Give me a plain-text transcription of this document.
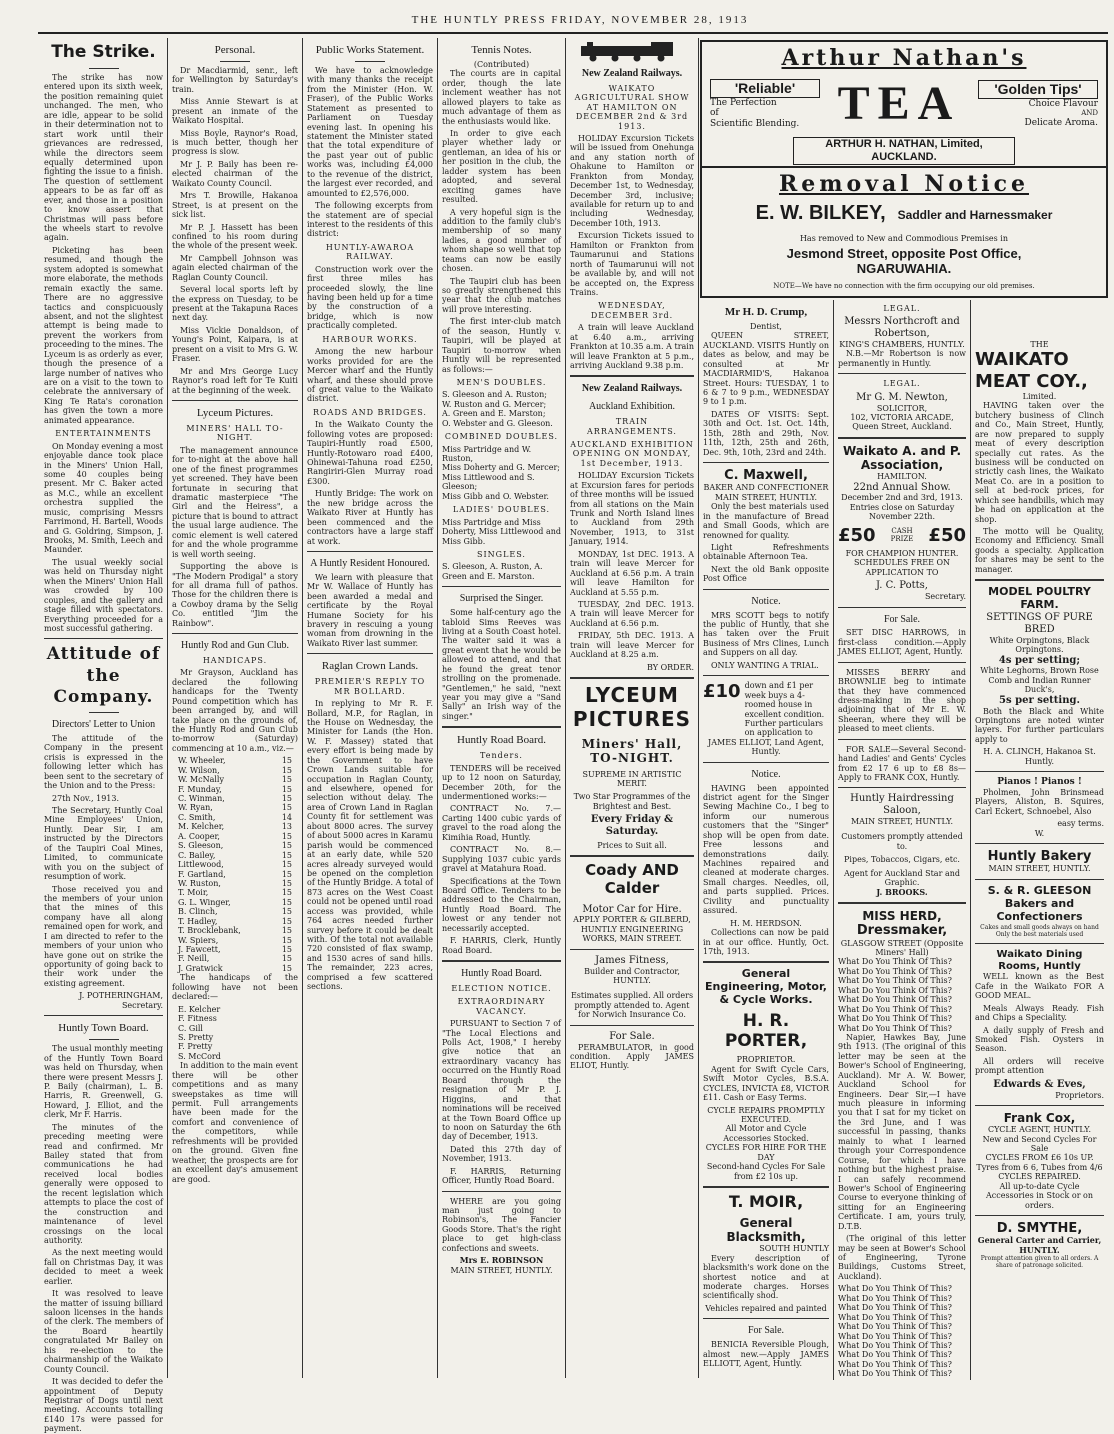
THE HUNTLY PRESS FRIDAY, NOVEMBER 28, 1913
The Strike.

The strike has now entered upon its sixth week, the position remaining quiet unchanged. The men, who are idle, appear to be solid in their determination not to start work until their grievances are redressed, while the directors seem equally determined upon fighting the issue to a finish. The question of settlement appears to be as far off as ever, and those in a position to know assert that Christmas will pass before the wheels start to revolve again.

Picketing has been resumed, and though the system adopted is somewhat more elaborate, the methods remain exactly the same. There are no aggressive tactics and conspicuously absent, and not the slightest attempt is being made to prevent the workers from proceeding to the mines. The Lyceum is as orderly as ever, though the presence of a large number of natives who are on a visit to the town to celebrate the anniversary of King Te Rata's coronation has given the town a more animated appearance.

ENTERTAINMENTS

On Monday evening a most enjoyable dance took place in the Miners' Union Hall, some 40 couples being present. Mr C. Baker acted as M.C., while an excellent orchestra supplied the music, comprising Messrs Farrimond, H. Bartell, Woods and G. Goldring, Simpson, J. Brooks, M. Smith, Leech and Maunder.

The usual weekly social was held on Thursday night when the Miners' Union Hall was crowded by 100 couples, and the gallery and stage filled with spectators. Everything proceeded for a most successful gathering.

Attitude of the Company.
Directors' Letter to Union

The attitude of the Company in the present crisis is expressed in the following letter which has been sent to the secretary of the Union and to the Press:

27th Nov., 1913.

The Secretary, Huntly Coal Mine Employees' Union, Huntly. Dear Sir, I am instructed by the Directors of the Taupiri Coal Mines, Limited, to communicate with you on the subject of resumption of work.

Those received you and the members of your union that the mines of this company have all along remained open for work, and I am directed to refer to the members of your union who have gone out on strike the opportunity of going back to their work under the existing agreement.

J. POTHERINGHAM, Secretary.

Huntly Town Board.

The usual monthly meeting of the Huntly Town Board was held on Thursday, when there were present Messrs J. P. Baily (chairman), L. B. Harris, R. Greenwell, G. Howard, J. Elliot, and the clerk, Mr F. Harris.

The minutes of the preceding meeting were read and confirmed. Mr Bailey stated that from communications he had received local bodies generally were opposed to the recent legislation which attempts to place the cost of the construction and maintenance of level crossings on the local authority.

As the next meeting would fall on Christmas Day, it was decided to meet a week earlier.

It was resolved to leave the matter of issuing billiard saloon licenses in the hands of the clerk. The members of the Board heartily congratulated Mr Bailey on his re-election to the chairmanship of the Waikato County Council.

It was decided to defer the appointment of Deputy Registrar of Dogs until next meeting. Accounts totalling £140 17s were passed for payment.

Personal.

Dr Macdiarmid, senr., left for Wellington by Saturday's train.

Miss Annie Stewart is at present an inmate of the Waikato Hospital.

Miss Boyle, Raynor's Road, is much better, though her progress is slow.

Mr J. P. Baily has been re-elected chairman of the Waikato County Council.

Mrs T. Browille, Hakanoa Street, is at present on the sick list.

Mr P. J. Hassett has been confined to his room during the whole of the present week.

Mr Campbell Johnson was again elected chairman of the Raglan County Council.

Several local sports left by the express on Tuesday, to be present at the Takapuna Races next day.

Miss Vickie Donaldson, of Young's Point, Kaipara, is at present on a visit to Mrs G. W. Fraser.

Mr and Mrs George Lucy Raynor's road left for Te Kuiti at the beginning of the week.

Lyceum Pictures.
MINERS' HALL TO-NIGHT.

The management announce for to-night at the above hall one of the finest programmes yet screened. They have been fortunate in securing that dramatic masterpiece "The Girl and the Heiress", a picture that is bound to attract the usual large audience. The comic element is well catered for and the whole programme is well worth seeing.

Supporting the above is "The Modern Prodigal" a story for all drama full of pathos. Those for the children there is a Cowboy drama by the Selig Co. entitled "Jim the Rainbow".

Huntly Rod and Gun Club.
HANDICAPS.

Mr Grayson, Auckland has declared the following handicaps for the Twenty Pound competition which has been arranged by, and will take place on the grounds of, the Huntly Rod and Gun Club to-morrow (Saturday) commencing at 10 a.m., viz.—

W. Wheeler,	15
W. Wilson,	15
W. McNally	15
F. Munday,	15
C. Winman,	15
W. Ryan,	15
C. Smith,	14
M. Kelcher,	13
A. Cooper,	15
S. Gleeson,	15
C. Bailey,	15
Littlewood,	15
F. Gartland,	15
W. Ruston,	15
T. Moir,	15
G. L. Winger,	15
B. Clinch,	15
T. Hadley,	15
T. Brocklebank,	15
W. Spiers,	15
J. Fawcett,	15
F. Neill,	15
J. Gratwick	15

The handicaps of the following have not been declared:—

E. Kelcher
F. Fitness
C. Gill
S. Pretty
F. Pretty
S. McCord

In addition to the main event there will be other competitions and as many sweepstakes as time will permit. Full arrangements have been made for the comfort and convenience of the competitors, while refreshments will be provided on the ground. Given fine weather, the prospects are for an excellent day's amusement are good.

Public Works Statement.

We have to acknowledge with many thanks the receipt from the Minister (Hon. W. Fraser), of the Public Works Statement as presented to Parliament on Tuesday evening last. In opening his statement the Minister stated that the total expenditure of the past year out of public works was, including £4,000 to the revenue of the district, the largest ever recorded, and amounted to £2,576,000.

The following excerpts from the statement are of special interest to the residents of this district:

HUNTLY-AWAROA RAILWAY.

Construction work over the first three miles has proceeded slowly, the line having been held up for a time by the construction of a bridge, which is now practically completed.

HARBOUR WORKS.

Among the new harbour works provided for are the Mercer wharf and the Huntly wharf, and these should prove of great value to the Waikato district.

ROADS AND BRIDGES.

In the Waikato County the following votes are proposed: Taupiri-Huntly road £500, Huntly-Rotowaro road £400, Ohinewai-Tahuna road £250, Rangiriri-Glen Murray road £300.

Huntly Bridge: The work on the new bridge across the Waikato River at Huntly has been commenced and the contractors have a large staff at work.

A Huntly Resident Honoured.

We learn with pleasure that Mr W. Wallace of Huntly has been awarded a medal and certificate by the Royal Humane Society for his bravery in rescuing a young woman from drowning in the Waikato River last summer.

Raglan Crown Lands.
PREMIER'S REPLY TO MR BOLLARD.

In replying to Mr R. F. Bollard, M.P., for Raglan, in the House on Wednesday, the Minister for Lands (the Hon. W. F. Massey) stated that every effort is being made by the Government to have Crown Lands suitable for occupation in Raglan County, and elsewhere, opened for selection without delay. The area of Crown Land in Raglan County fit for settlement was about 8000 acres. The survey of about 5000 acres in Karamu parish would be commenced at an early date, while 520 acres already surveyed would be opened on the completion of the Huntly Bridge. A total of 873 acres on the West Coast could not be opened until road access was provided, while 764 acres needed further survey before it could be dealt with. Of the total not available 720 consisted of flax swamp, and 1530 acres of sand hills. The remainder, 223 acres, comprised a few scattered sections.

Tennis Notes.
(Contributed)

The courts are in capital order, though the late inclement weather has not allowed players to take as much advantage of them as the enthusiasts would like.

In order to give each player whether lady or gentleman, an idea of his or her position in the club, the ladder system has been adopted, and several exciting games have resulted.

A very hopeful sign is the addition to the family club's membership of so many ladies, a good number of whom shape so well that top teams can now be easily chosen.

The Taupiri club has been so greatly strengthened this year that the club matches will prove interesting.

The first inter-club match of the season, Huntly v. Taupiri, will be played at Taupiri to-morrow when Huntly will be represented as follows:—

MEN'S DOUBLES.
S. Gleeson and A. Ruston;
W. Ruston and G. Mercer;
A. Green and E. Marston;
O. Webster and G. Gleeson.
COMBINED DOUBLES.
Miss Partridge and W. Ruston,
Miss Doherty and G. Mercer;
Miss Littlewood and S. Gleeson;
Miss Gibb and O. Webster.
LADIES' DOUBLES.
Miss Partridge and Miss Doherty, Miss Littlewood and Miss Gibb.
SINGLES.
S. Gleeson, A. Ruston, A. Green and E. Marston.
Surprised the Singer.

Some half-century ago the tabloid Sims Reeves was living at a South Coast hotel. The waiter said it was a great event that he would be allowed to attend, and that he found the great tenor strolling on the promenade. "Gentlemen," he said, "next year you may give a "Sand Sally" an Irish way of the singer."

Huntly Road Board.
Tenders.

TENDERS will be received up to 12 noon on Saturday, December 20th, for the undermentioned works:—

CONTRACT No. 7.—Carting 1400 cubic yards of gravel to the road along the Kimihia Road, Huntly.

CONTRACT No. 8.—Supplying 1037 cubic yards gravel at Matahura Road.

Specifications at the Town Board Office. Tenders to be addressed to the Chairman, Huntly Road Board. The lowest or any tender not necessarily accepted.

F. HARRIS, Clerk, Huntly Road Board.

Huntly Road Board.
ELECTION NOTICE.
EXTRAORDINARY VACANCY.

PURSUANT to Section 7 of "The Local Elections and Polls Act, 1908," I hereby give notice that an extraordinary vacancy has occurred on the Huntly Road Board through the resignation of Mr P. J. Higgins, and that nominations will be received at the Town Board Office up to noon on Saturday the 6th day of December, 1913.

Dated this 27th day of November, 1913.

F. HARRIS, Returning Officer, Huntly Road Board.

WHERE are you going man just going to Robinson's, The Fancier Goods Store. That's the right place to get high-class confections and sweets.

Mrs E. ROBINSON
MAIN STREET, HUNTLY.
New Zealand Railways.
WAIKATO AGRICULTURAL SHOW AT HAMILTON ON DECEMBER 2nd & 3rd 1913.

HOLIDAY Excursion Tickets will be issued from Onehunga and any station north of Ohakune to Hamilton or Frankton from Monday, December 1st, to Wednesday, December 3rd, inclusive; available for return up to and including Wednesday, December 10th, 1913.

Excursion Tickets issued to Hamilton or Frankton from Taumarunui and Stations north of Taumarunui will not be available by, and will not be accepted on, the Express Trains.

WEDNESDAY, DECEMBER 3rd.

A train will leave Auckland at 6.40 a.m., arriving Frankton at 10.35 a.m. A train will leave Frankton at 5 p.m., arriving Auckland 9.38 p.m.

New Zealand Railways.
Auckland Exhibition.
TRAIN ARRANGEMENTS.
AUCKLAND EXHIBITION OPENING ON MONDAY, 1st December, 1913.

HOLIDAY Excursion Tickets at Excursion fares for periods of three months will be issued from all stations on the Main Trunk and North Island lines to Auckland from 29th November, 1913, to 31st January, 1914.

MONDAY, 1st DEC. 1913. A train will leave Mercer for Auckland at 6.56 p.m. A train will leave Hamilton for Auckland at 5.55 p.m.

TUESDAY, 2nd DEC. 1913. A train will leave Mercer for Auckland at 6.56 p.m.

FRIDAY, 5th DEC. 1913. A train will leave Mercer for Auckland at 8.25 a.m.

BY ORDER.

LYCEUM
PICTURES
Miners' Hall,
TO-NIGHT.
SUPREME IN ARTISTIC MERIT.
Two Star Programmes of the Brightest and Best.
Every Friday & Saturday.
Prices to Suit all.
Coady AND Calder
Motor Car for Hire.
APPLY PORTER & GILBERD, HUNTLY ENGINEERING WORKS, MAIN STREET.
James Fitness,
Builder and Contractor, HUNTLY.
Estimates supplied. All orders promptly attended to. Agent for Norwich Insurance Co.
For Sale.

PERAMBULATOR, in good condition. Apply JAMES ELIOT, Huntly.

Mr H. D. Crump,
Dentist,

QUEEN STREET, AUCKLAND. VISITS Huntly on dates as below, and may be consulted at Mr MACDIARMID'S, Hakanoa Street. Hours: TUESDAY, 1 to 6 & 7 to 9 p.m., WEDNESDAY 9 to 1 p.m.

DATES OF VISITS: Sept. 30th and Oct. 1st. Oct. 14th, 15th, 28th and 29th, Nov. 11th, 12th, 25th and 26th, Dec. 9th, 10th, 23rd and 24th.

C. Maxwell,
BAKER AND CONFECTIONER
MAIN STREET, HUNTLY.

Only the best materials used in the manufacture of Bread and Small Goods, which are renowned for quality.

Light Refreshments obtainable Afternoon Tea.

Next the old Bank opposite Post Office

Notice.

MRS SCOTT begs to notify the public of Huntly, that she has taken over the Fruit Business of Mrs Clines, Lunch and Suppers on all day.

ONLY WANTING A TRIAL.

£10 down and £1 per week buys a 4-roomed house in excellent condition. Further particulars on application to
JAMES ELLIOT, Land Agent, Huntly.
Notice.

HAVING been appointed district agent for the Singer Sewing Machine Co., I beg to inform our numerous customers that the "Singer" shop will be open from date. Free lessons and demonstrations daily. Machines repaired and cleaned at moderate charges. Small charges. Needles, oil, and parts supplied. Prices. Civility and punctuality assured.

H. M. HERDSON.

Collections can now be paid in at our office. Huntly, Oct. 17th, 1913.

General Engineering, Motor, & Cycle Works.
H. R. PORTER,
PROPRIETOR.

Agent for Swift Cycle Cars, Swift Motor Cycles, B.S.A. CYCLES, INVICTA £8, VICTOR £11. Cash or Easy Terms.

CYCLE REPAIRS PROMPTLY EXECUTED.
All Motor and Cycle Accessories Stocked.
CYCLES FOR HIRE FOR THE DAY
Second-hand Cycles For Sale from £2 10s up.
T. MOIR,
General
Blacksmith,
SOUTH HUNTLY

Every description of blacksmith's work done on the shortest notice and at moderate charges. Horses scientifically shod.

Vehicles repaired and painted
For Sale.

BENICIA Reversible Plough, almost new.—Apply JAMES ELLIOTT, Agent, Huntly.

LEGAL.
Messrs Northcroft and Robertson,
KING'S CHAMBERS, HUNTLY.

N.B.—Mr Robertson is now permanently in Huntly.

LEGAL.
Mr G. M. Newton,
SOLICITOR,
102, VICTORIA ARCADE, Queen Street, Auckland.
Waikato A. and P. Association,
HAMILTON.
22nd Annual Show.
December 2nd and 3rd, 1913.
Entries close on Saturday November 22th.
£50	CASH PRIZE £50
FOR CHAMPION HUNTER. SCHEDULES FREE ON APPLICATION TO
J. C. Potts,
Secretary.
For Sale.

SET DISC HARROWS, in first-class condition.—Apply JAMES ELLIOT, Agent, Huntly.

MISSES BERRY and BROWNLIE beg to intimate that they have commenced dress-making in the shop adjoining that of Mr E. W. Sheeran, where they will be pleased to meet clients.

FOR SALE—Several Second-hand Ladies' and Gents' Cycles from £2 17 6 up to £8 8s—Apply to FRANK COX, Huntly.

Huntly Hairdressing Saloon,
MAIN STREET, HUNTLY.
Customers promptly attended to.
Pipes, Tobaccos, Cigars, etc.
Agent for Auckland Star and Graphic.
J. BROOKS.
MISS HERD,
Dressmaker,
GLASGOW STREET (Opposite Miners' Hall)
What Do You Think Of This?
What Do You Think Of This?
What Do You Think Of This?
What Do You Think Of This?
What Do You Think Of This?
What Do You Think Of This?
What Do You Think Of This?
What Do You Think Of This?

Napier, Hawkes Bay, June 9th 1913. (The original of this letter may be seen at the Bower's School of Engineering, Auckland). Mr A. W. Bower, Auckland School for Engineers. Dear Sir,—I have much pleasure in informing you that I sat for my ticket on the 3rd June, and I was successful in passing, thanks mainly to what I learned through your Correspondence Course, for which I have nothing but the highest praise. I can safely recommend Bower's School of Engineering Course to everyone thinking of sitting for an Engineering Certificate. I am, yours truly, D.T.B.

(The original of this letter may be seen at Bower's School of Engineering, Tyrone Buildings, Customs Street, Auckland).

What Do You Think Of This?
What Do You Think Of This?
What Do You Think Of This?
What Do You Think Of This?
What Do You Think Of This?
What Do You Think Of This?
What Do You Think Of This?
What Do You Think Of This?
What Do You Think Of This?
What Do You Think Of This?
THE
WAIKATO
MEAT COY.,
Limited.

HAVING taken over the butchery business of Clinch and Co., Main Street, Huntly, are now prepared to supply meat of every description specially cut rates. As the business will be conducted on strictly cash lines, the Waikato Meat Co. are in a position to sell at bed-rock prices, for which see handbills, which may be had on application at the shop.

The motto will be Quality, Economy and Efficiency. Small goods a specialty. Application for shares may be sent to the manager.

MODEL POULTRY
FARM.
SETTINGS OF PURE BRED
White Orpingtons, Black Orpingtons.
4s per setting;
White Leghorns, Brown Rose Comb and Indian Runner Duck's,
5s per setting.

Both the Black and White Orpingtons are noted winter layers. For further particulars apply to

H. A. CLINCH, Hakanoa St. Huntly.
Pianos ! Pianos !

Pholmen, John Brinsmead Players, Aliston, B. Squires, Carl Eckert, Schnoebel, Also

easy terms.
W.
Huntly Bakery
MAIN STREET, HUNTLY.
S. & R. GLEESON
Bakers and
Confectioners
Cakes and small goods always on hand Only the best materials used
Waikato Dining Rooms, Huntly

WELL known as the Best Cafe in the Waikato FOR A GOOD MEAL.

Meals Always Ready. Fish and Chips a Speciality.

A daily supply of Fresh and Smoked Fish. Oysters in Season.

All orders will receive prompt attention

Edwards & Eves,
Proprietors.
Frank Cox,
CYCLE AGENT, HUNTLY.
New and Second Cycles For Sale
CYCLES FROM £6 10s UP.
Tyres from 6 6, Tubes from 4/6
CYCLES REPAIRED.
All up-to-date Cycle Accessories in Stock or on orders.
D. SMYTHE,
General Carter and Carrier, HUNTLY.
Prompt attention given to all orders. A share of patronage solicited.
Arthur Nathan's
'Reliable'
The Perfection
of
Scientific Blending. TEA	'Golden Tips'
Choice Flavour
AND
Delicate Aroma.
ARTHUR H. NATHAN, Limited,
AUCKLAND.
Removal Notice
E. W. BILKEY, Saddler and Harnessmaker
Has removed to New and Commodious Premises in
Jesmond Street, opposite Post Office,
NGARUWAHIA.
NOTE—We have no connection with the firm occupying our old premises.
